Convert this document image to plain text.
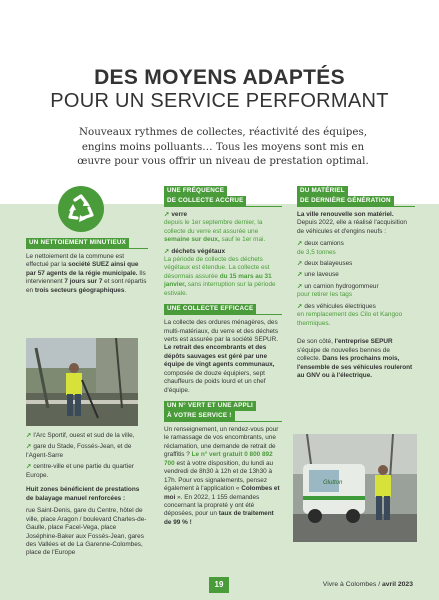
DES MOYENS ADAPTÉS
POUR UN SERVICE PERFORMANT
Nouveaux rythmes de collectes, réactivité des équipes, engins moins polluants… Tous les moyens sont mis en œuvre pour vous offrir un niveau de prestation optimal.
UN NETTOIEMENT MINUTIEUX
Le nettoiement de la commune est effectué par la société SUEZ ainsi que par 57 agents de la régie municipale. Ils interviennent 7 jours sur 7 et sont répartis en trois secteurs géographiques.
➚ l'Arc Sportif, ouest et sud de la ville,
➚ gare du Stade, Fossés-Jean, et de l'Agent-Sarre
➚ centre-ville et une partie du quartier Europe.
Huit zones bénéficient de prestations de balayage manuel renforcées :
rue Saint-Denis, gare du Centre, hôtel de ville, place Aragon / boulevard Charles-de-Gaulle, place Facel-Vega, place Joséphine-Baker aux Fossés-Jean, gares des Vallées et de La Garenne-Colombes, place de l'Europe
UNE FRÉQUENCE
DE COLLECTE ACCRUE
➚ verre
depuis le 1er septembre dernier, la collecte du verre est assurée une semaine sur deux, sauf le 1er mai.
➚ déchets végétaux
La période de collecte des déchets végétaux est étendue. La collecte est désormais assurée du 15 mars au 31 janvier, sans interruption sur la période estivale.
UNE COLLECTE EFFICACE
La collecte des ordures ménagères, des multi-matériaux, du verre et des déchets verts est assurée par la société SEPUR. Le retrait des encombrants et des dépôts sauvages est géré par une équipe de vingt agents communaux, composée de douze équipiers, sept chauffeurs de poids lourd et un chef d'équipe.
UN N° VERT ET UNE APPLI
À VOTRE SERVICE !
Un renseignement, un rendez-vous pour le ramassage de vos encombrants, une réclamation, une demande de retrait de graffitis ? Le n° vert gratuit 0 800 892 700 est à votre disposition, du lundi au vendredi de 8h30 à 12h et de 13h30 à 17h. Pour vos signalements, pensez également à l'application « Colombes et moi ». En 2022, 1 155 demandes concernant la propreté y ont été déposées, pour un taux de traitement de 99 % !
DU MATÉRIEL
DE DERNIÈRE GÉNÉRATION
La ville renouvelle son matériel. Depuis 2022, elle a réalisé l'acquisition de véhicules et d'engins neufs :
➚ deux camions
de 3,5 tonnes
➚ deux balayeuses
➚ une laveuse
➚ un camion hydrogommeur
pour retirer les tags
➚ des véhicules électriques
en remplacement des Cilo et Kangoo thermiques.
De son côté, l'entreprise SEPUR s'équipe de nouvelles bennes de collecte. Dans les prochains mois, l'ensemble de ses véhicules rouleront au GNV ou à l'électrique.
Glutton
19	Vivre à Colombes / avril 2023
